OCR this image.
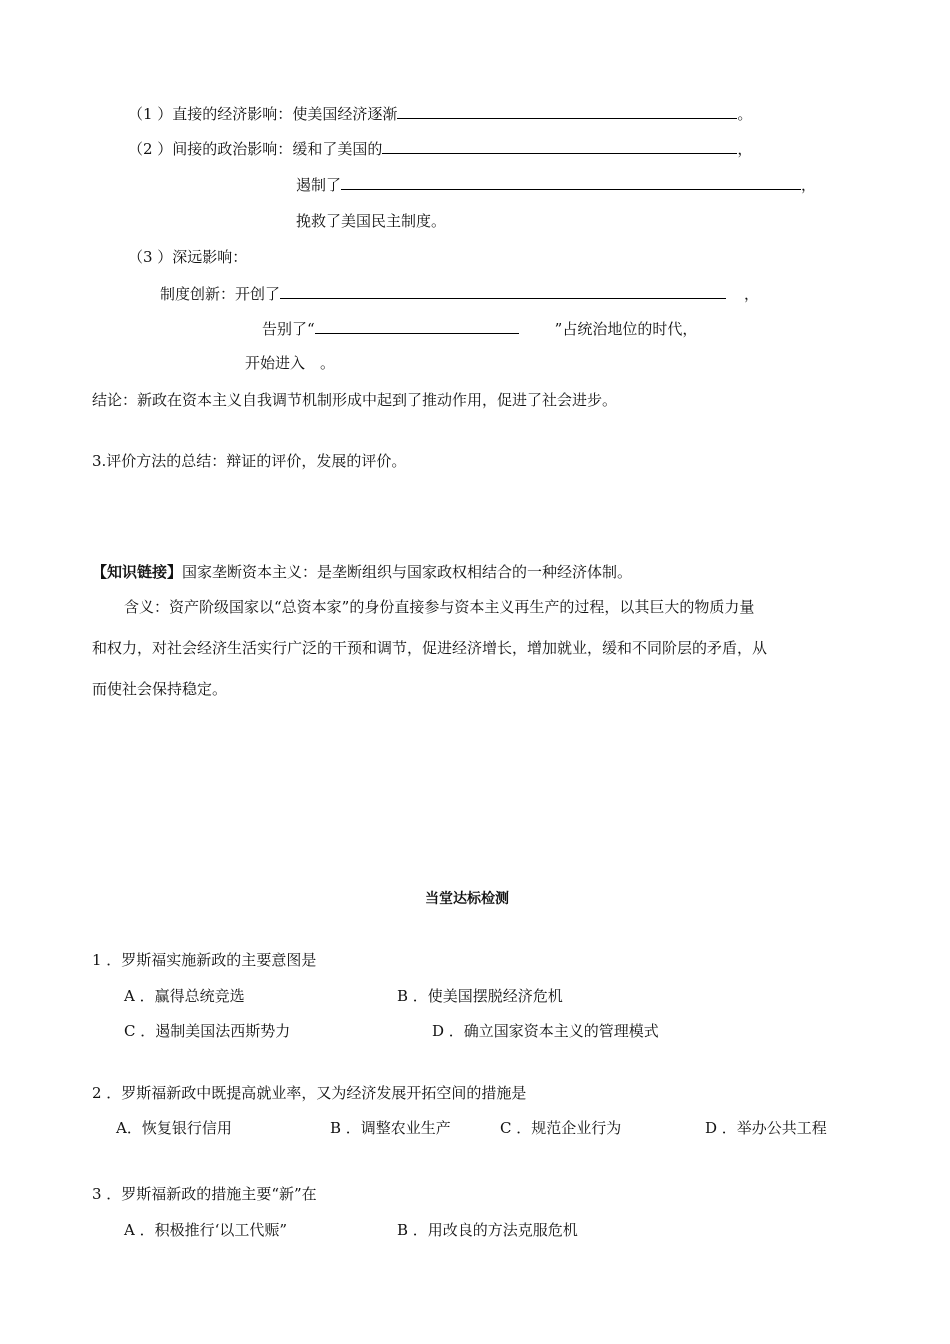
（1 ）直接的经济影响：使美国经济逐渐	。
（2 ）间接的政治影响：缓和了美国的	，
遏制了	，
挽救了美国民主制度。
（3 ）深远影响：
制度创新：开创了	，
告别了“	”占统治地位的时代，
开始进入　。
结论：新政在资本主义自我调节机制形成中起到了推动作用，促进了社会进步。
3.评价方法的总结：辩证的评价，发展的评价。
【知识链接】国家垄断资本主义：是垄断组织与国家政权相结合的一种经济体制。
含义：资产阶级国家以“总资本家”的身份直接参与资本主义再生产的过程，以其巨大的物质力量
和权力，对社会经济生活实行广泛的干预和调节，促进经济增长，增加就业，缓和不同阶层的矛盾，从
而使社会保持稳定。
当堂达标检测
1 ．罗斯福实施新政的主要意图是
A ．赢得总统竞选	B ．使美国摆脱经济危机
C ．遏制美国法西斯势力	D ．确立国家资本主义的管理模式
2 ．罗斯福新政中既提高就业率，又为经济发展开拓空间的措施是
A．恢复银行信用	B ．调整农业生产	C ．规范企业行为	D ．举办公共工程
3 ．罗斯福新政的措施主要“新”在
A ．积极推行‘以工代赈”	B ．用改良的方法克服危机
